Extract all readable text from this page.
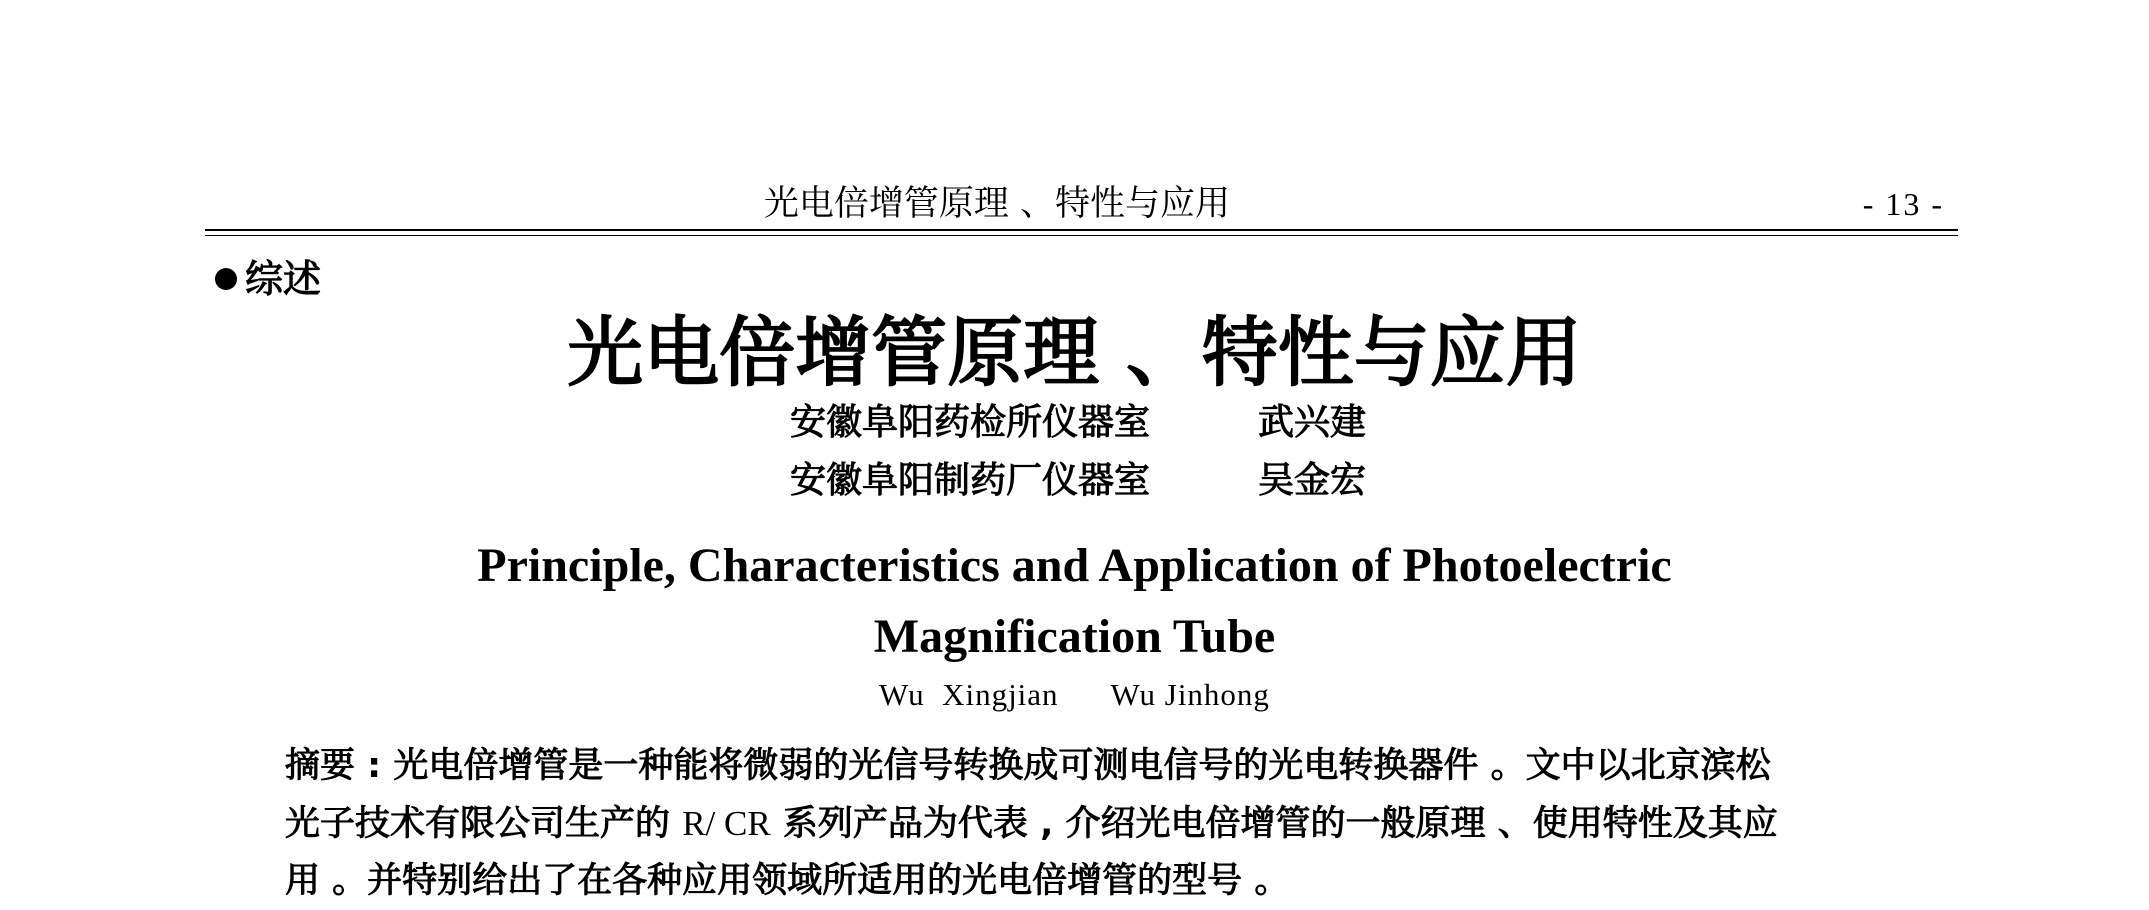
光电倍增管原理 、特性与应用	- 13 -
综述
光电倍增管原理 、特性与应用
安徽阜阳药检所仪器室	武兴建
安徽阜阳制药厂仪器室	吴金宏
Principle, Characteristics and Application of Photoelectric
Magnification Tube
Wu  Xingjian      Wu Jinhong
摘要 : 光电倍增管是一种能将微弱的光信号转换成可测电信号的光电转换器件 。文中以北京滨松
光子技术有限公司生产的 R/ CR 系列产品为代表 , 介绍光电倍增管的一般原理 、使用特性及其应
用 。并特别给出了在各种应用领域所适用的光电倍增管的型号 。
